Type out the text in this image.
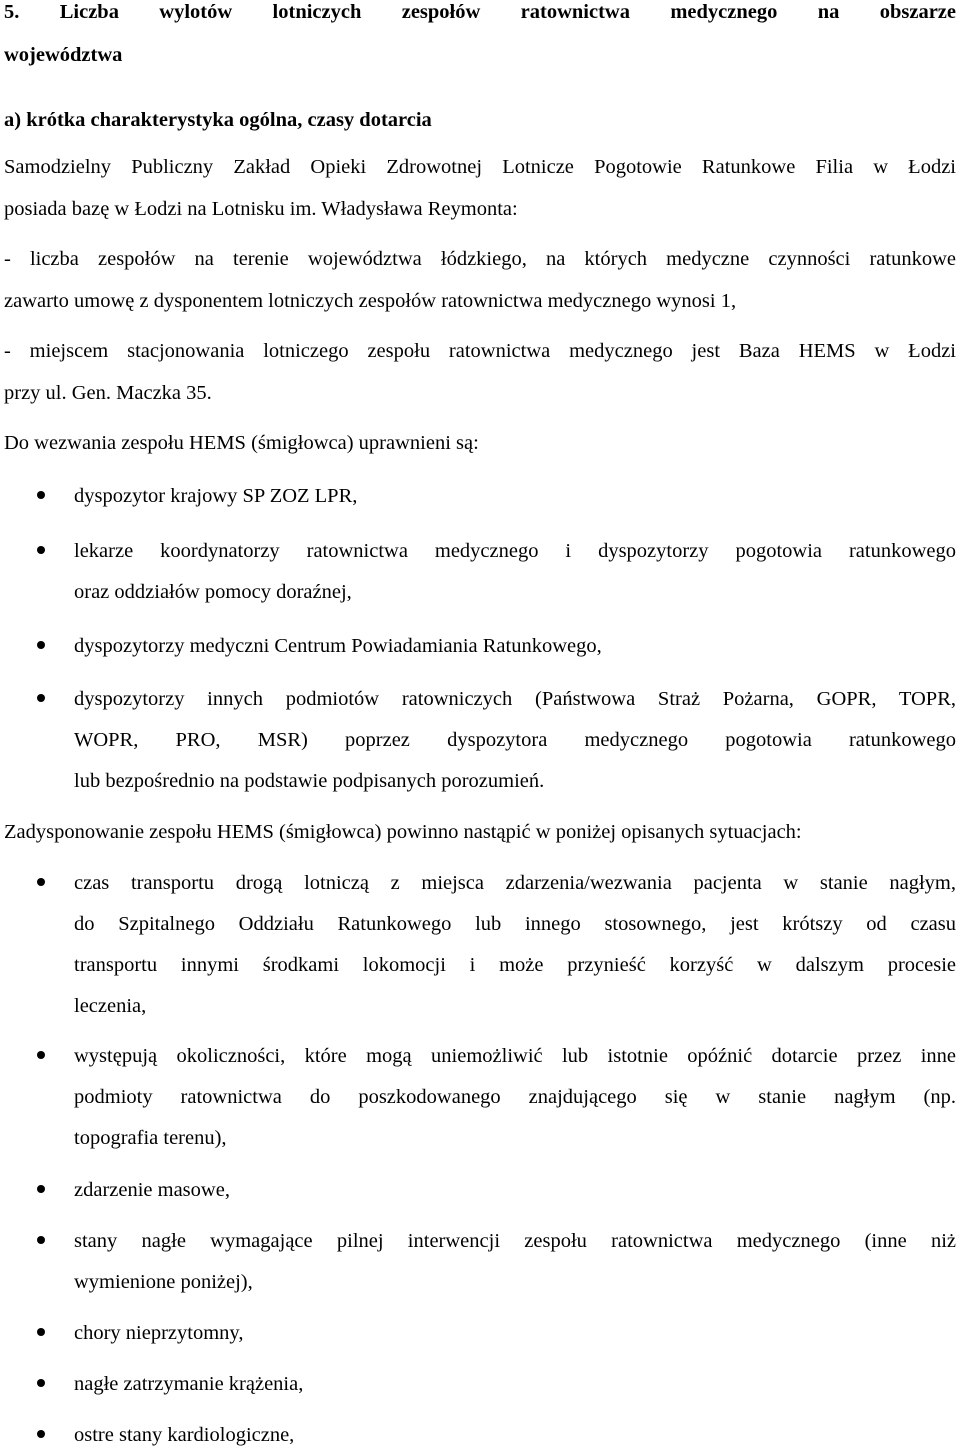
5. Liczba wylotów lotniczych zespołów ratownictwa medycznego na obszarze
województwa
a) krótka charakterystyka ogólna, czasy dotarcia
Samodzielny Publiczny Zakład Opieki Zdrowotnej Lotnicze Pogotowie Ratunkowe Filia w Łodzi
posiada bazę w Łodzi na Lotnisku im. Władysława Reymonta:
- liczba zespołów na terenie województwa łódzkiego, na których medyczne czynności ratunkowe
zawarto umowę z dysponentem lotniczych zespołów ratownictwa medycznego wynosi 1,
- miejscem stacjonowania lotniczego zespołu ratownictwa medycznego jest Baza HEMS w Łodzi
przy ul. Gen. Maczka 35.
Do wezwania zespołu HEMS (śmigłowca) uprawnieni są:
dyspozytor krajowy SP ZOZ LPR,
lekarze koordynatorzy ratownictwa medycznego i dyspozytorzy pogotowia ratunkowego
oraz oddziałów pomocy doraźnej,
dyspozytorzy medyczni Centrum Powiadamiania Ratunkowego,
dyspozytorzy innych podmiotów ratowniczych (Państwowa Straż Pożarna, GOPR, TOPR,
WOPR, PRO, MSR) poprzez dyspozytora medycznego pogotowia ratunkowego
lub bezpośrednio na podstawie podpisanych porozumień.
Zadysponowanie zespołu HEMS (śmigłowca) powinno nastąpić w poniżej opisanych sytuacjach:
czas transportu drogą lotniczą z miejsca zdarzenia/wezwania pacjenta w stanie nagłym,
do Szpitalnego Oddziału Ratunkowego lub innego stosownego, jest krótszy od czasu
transportu innymi środkami lokomocji i może przynieść korzyść w dalszym procesie
leczenia,
występują okoliczności, które mogą uniemożliwić lub istotnie opóźnić dotarcie przez inne
podmioty ratownictwa do poszkodowanego znajdującego się w stanie nagłym (np.
topografia terenu),
zdarzenie masowe,
stany nagłe wymagające pilnej interwencji zespołu ratownictwa medycznego (inne niż
wymienione poniżej),
chory nieprzytomny,
nagłe zatrzymanie krążenia,
ostre stany kardiologiczne,
